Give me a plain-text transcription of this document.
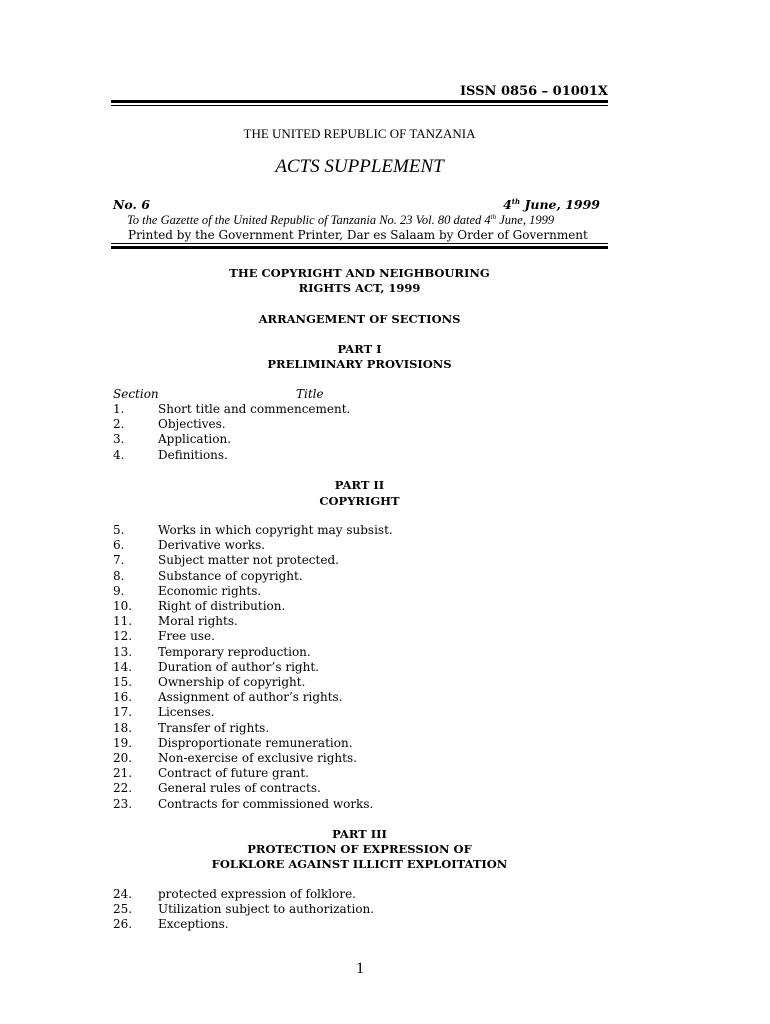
ISSN 0856 – 01001X
THE UNITED REPUBLIC OF TANZANIA
ACTS SUPPLEMENT
No. 6	4th June, 1999
To the Gazette of the United Republic of Tanzania No. 23 Vol. 80 dated 4th June, 1999
Printed by the Government Printer, Dar es Salaam by Order of Government
THE COPYRIGHT AND NEIGHBOURING
RIGHTS ACT, 1999
ARRANGEMENT OF SECTIONS
PART I
PRELIMINARY PROVISIONS
Section	Title
1.	Short title and commencement.
2.	Objectives.
3.	Application.
4.	Definitions.
PART II
COPYRIGHT
5.	Works in which copyright may subsist.
6.	Derivative works.
7.	Subject matter not protected.
8.	Substance of copyright.
9.	Economic rights.
10. Right of distribution.
11. Moral rights.
12. Free use.
13. Temporary reproduction.
14. Duration of author’s right.
15. Ownership of copyright.
16. Assignment of author’s rights.
17. Licenses.
18. Transfer of rights.
19. Disproportionate remuneration.
20. Non-exercise of exclusive rights.
21. Contract of future grant.
22. General rules of contracts.
23. Contracts for commissioned works.
PART III
PROTECTION OF EXPRESSION OF
FOLKLORE AGAINST ILLICIT EXPLOITATION
24. protected expression of folklore.
25. Utilization subject to authorization.
26. Exceptions.
1
